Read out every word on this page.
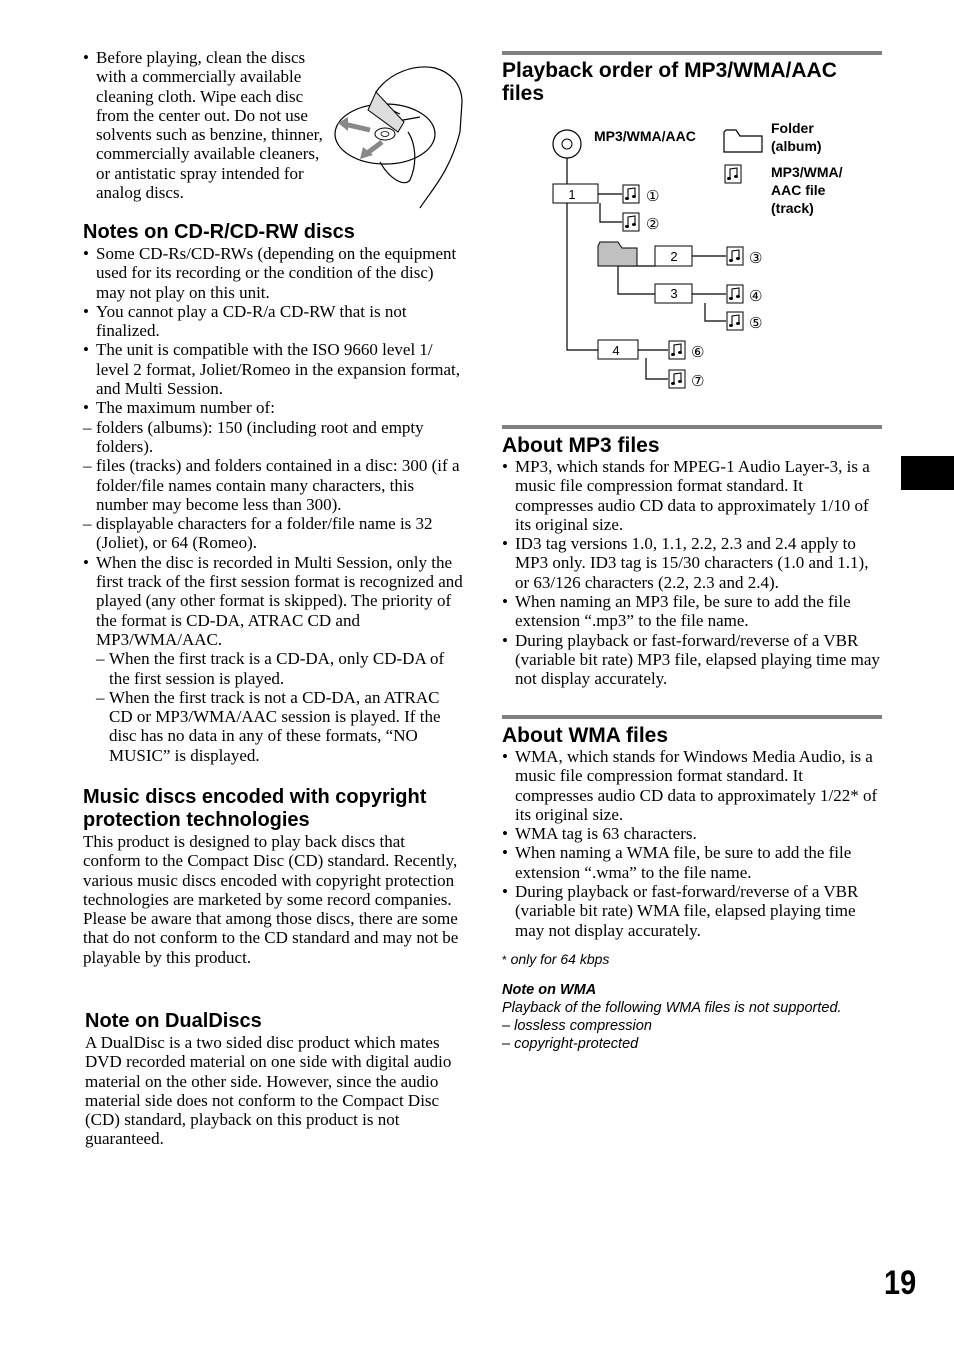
• Before playing, clean the discs with a commercially available cleaning cloth. Wipe each disc from the center out. Do not use solvents such as benzine, thinner, commercially available cleaners, or antistatic spray intended for analog discs.
Notes on CD-R/CD-RW discs
• Some CD-Rs/CD-RWs (depending on the equipment used for its recording or the condition of the disc) may not play on this unit.
• You cannot play a CD-R/a CD-RW that is not finalized.
• The unit is compatible with the ISO 9660 level 1/ level 2 format, Joliet/Romeo in the expansion format, and Multi Session.
• The maximum number of:
– folders (albums): 150 (including root and empty folders).
– files (tracks) and folders contained in a disc: 300 (if a folder/file names contain many characters, this number may become less than 300).
– displayable characters for a folder/file name is 32 (Joliet), or 64 (Romeo).
• When the disc is recorded in Multi Session, only the first track of the first session format is recognized and played (any other format is skipped). The priority of the format is CD-DA, ATRAC CD and MP3/WMA/AAC.
– When the first track is a CD-DA, only CD-DA of the first session is played.
– When the first track is not a CD-DA, an ATRAC CD or MP3/WMA/AAC session is played. If the disc has no data in any of these formats, “NO MUSIC” is displayed.
Music discs encoded with copyright protection technologies

This product is designed to play back discs that conform to the Compact Disc (CD) standard. Recently, various music discs encoded with copyright protection technologies are marketed by some record companies. Please be aware that among those discs, there are some that do not conform to the CD standard and may not be playable by this product.

Note on DualDiscs

A DualDisc is a two sided disc product which mates DVD recorded material on one side with digital audio material on the other side. However, since the audio material side does not conform to the Compact Disc (CD) standard, playback on this product is not guaranteed.

Playback order of MP3/WMA/AAC files
MP3/WMA/AAC	Folder
(album)
MP3/WMA/
AAC file
(track)
1
2
3
4
①
②
③
④
⑤
⑥
⑦
About MP3 files
• MP3, which stands for MPEG-1 Audio Layer-3, is a music file compression format standard. It compresses audio CD data to approximately 1/10 of its original size.
• ID3 tag versions 1.0, 1.1, 2.2, 2.3 and 2.4 apply to MP3 only. ID3 tag is 15/30 characters (1.0 and 1.1), or 63/126 characters (2.2, 2.3 and 2.4).
• When naming an MP3 file, be sure to add the file extension “.mp3” to the file name.
• During playback or fast-forward/reverse of a VBR (variable bit rate) MP3 file, elapsed playing time may not display accurately.
About WMA files
• WMA, which stands for Windows Media Audio, is a music file compression format standard. It compresses audio CD data to approximately 1/22* of its original size.
• WMA tag is 63 characters.
• When naming a WMA file, be sure to add the file extension “.wma” to the file name.
• During playback or fast-forward/reverse of a VBR (variable bit rate) WMA file, elapsed playing time may not display accurately.
* only for 64 kbps
Note on WMA
Playback of the following WMA files is not supported.
– lossless compression
– copyright-protected
19
